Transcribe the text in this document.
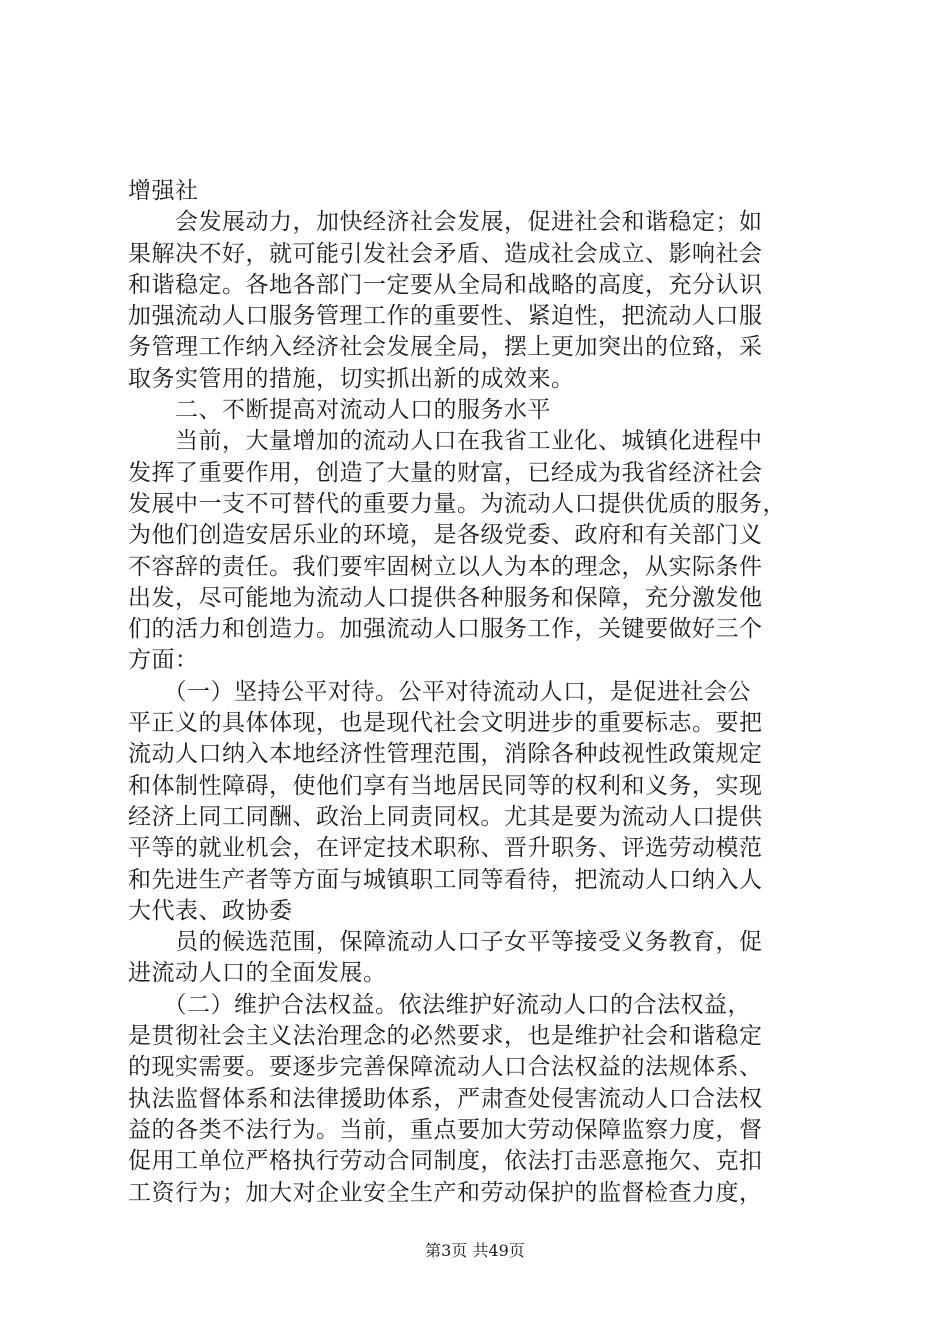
增强社
　　会发展动力，加快经济社会发展，促进社会和谐稳定；如
果解决不好，就可能引发社会矛盾、造成社会成立、影响社会
和谐稳定。各地各部门一定要从全局和战略的高度，充分认识
加强流动人口服务管理工作的重要性、紧迫性，把流动人口服
务管理工作纳入经济社会发展全局，摆上更加突出的位臵，采
取务实管用的措施，切实抓出新的成效来。
　　二、不断提高对流动人口的服务水平
　　当前，大量增加的流动人口在我省工业化、城镇化进程中
发挥了重要作用，创造了大量的财富，已经成为我省经济社会
发展中一支不可替代的重要力量。为流动人口提供优质的服务，
为他们创造安居乐业的环境，是各级党委、政府和有关部门义
不容辞的责任。我们要牢固树立以人为本的理念，从实际条件
出发，尽可能地为流动人口提供各种服务和保障，充分激发他
们的活力和创造力。加强流动人口服务工作，关键要做好三个
方面：
　　（一）坚持公平对待。公平对待流动人口，是促进社会公
平正义的具体体现，也是现代社会文明进步的重要标志。要把
流动人口纳入本地经济性管理范围，消除各种歧视性政策规定
和体制性障碍，使他们享有当地居民同等的权利和义务，实现
经济上同工同酬、政治上同责同权。尤其是要为流动人口提供
平等的就业机会，在评定技术职称、晋升职务、评选劳动模范
和先进生产者等方面与城镇职工同等看待，把流动人口纳入人
大代表、政协委
　　员的候选范围，保障流动人口子女平等接受义务教育，促
进流动人口的全面发展。
　　（二）维护合法权益。依法维护好流动人口的合法权益，
是贯彻社会主义法治理念的必然要求，也是维护社会和谐稳定
的现实需要。要逐步完善保障流动人口合法权益的法规体系、
执法监督体系和法律援助体系，严肃查处侵害流动人口合法权
益的各类不法行为。当前，重点要加大劳动保障监察力度，督
促用工单位严格执行劳动合同制度，依法打击恶意拖欠、克扣
工资行为；加大对企业安全生产和劳动保护的监督检查力度，
第3页 共49页
